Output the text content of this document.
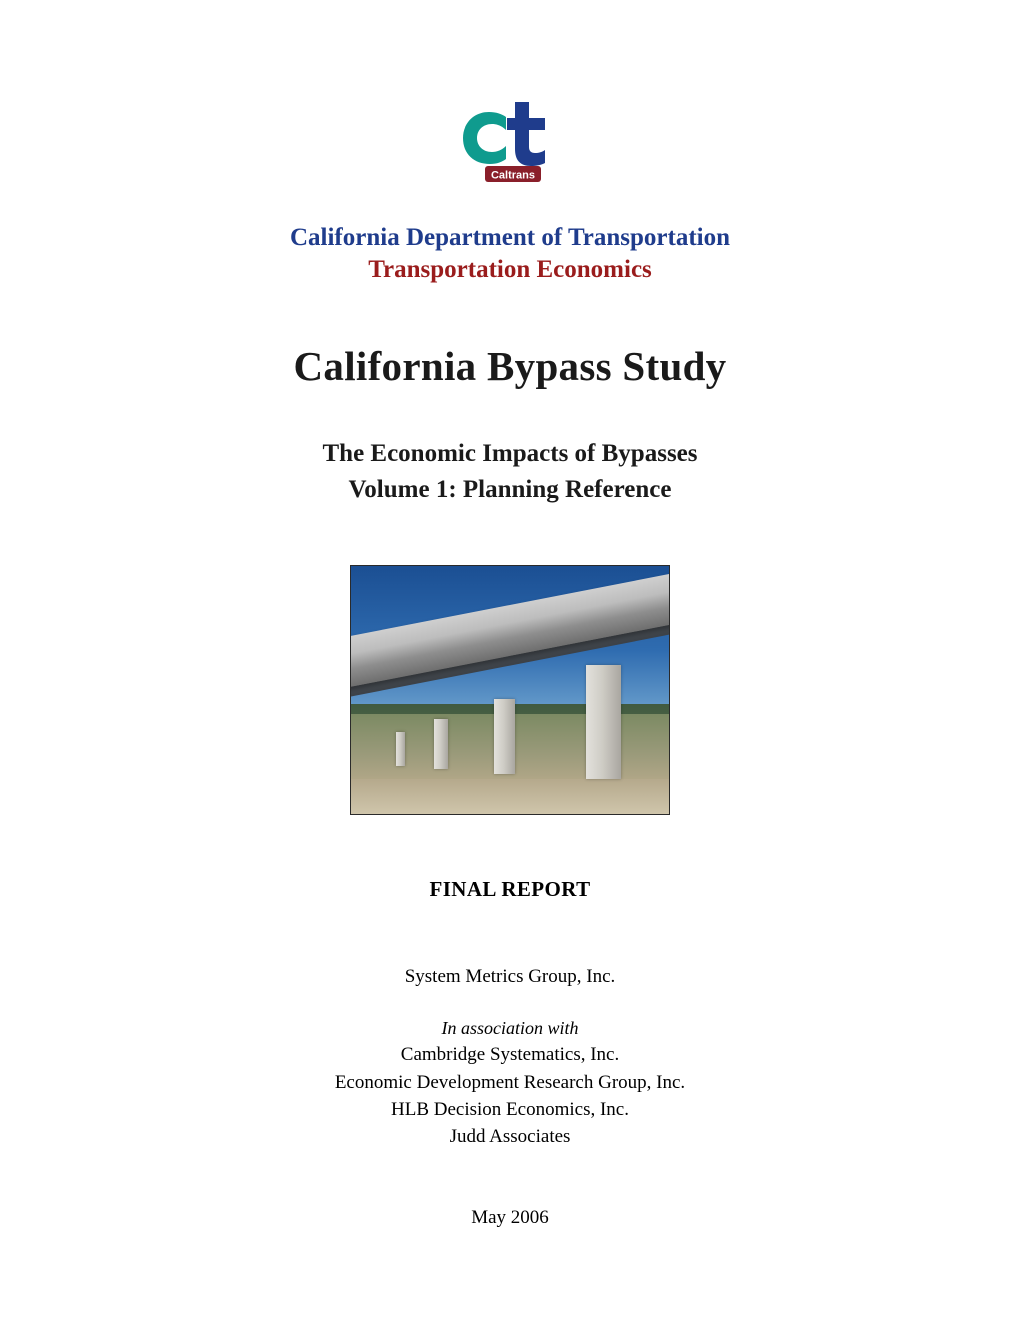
Caltrans
California Department of Transportation
Transportation Economics
California Bypass Study
The Economic Impacts of Bypasses
Volume 1: Planning Reference
FINAL REPORT
System Metrics Group, Inc.
In association with
Cambridge Systematics, Inc.
Economic Development Research Group, Inc.
HLB Decision Economics, Inc.
Judd Associates
May 2006
